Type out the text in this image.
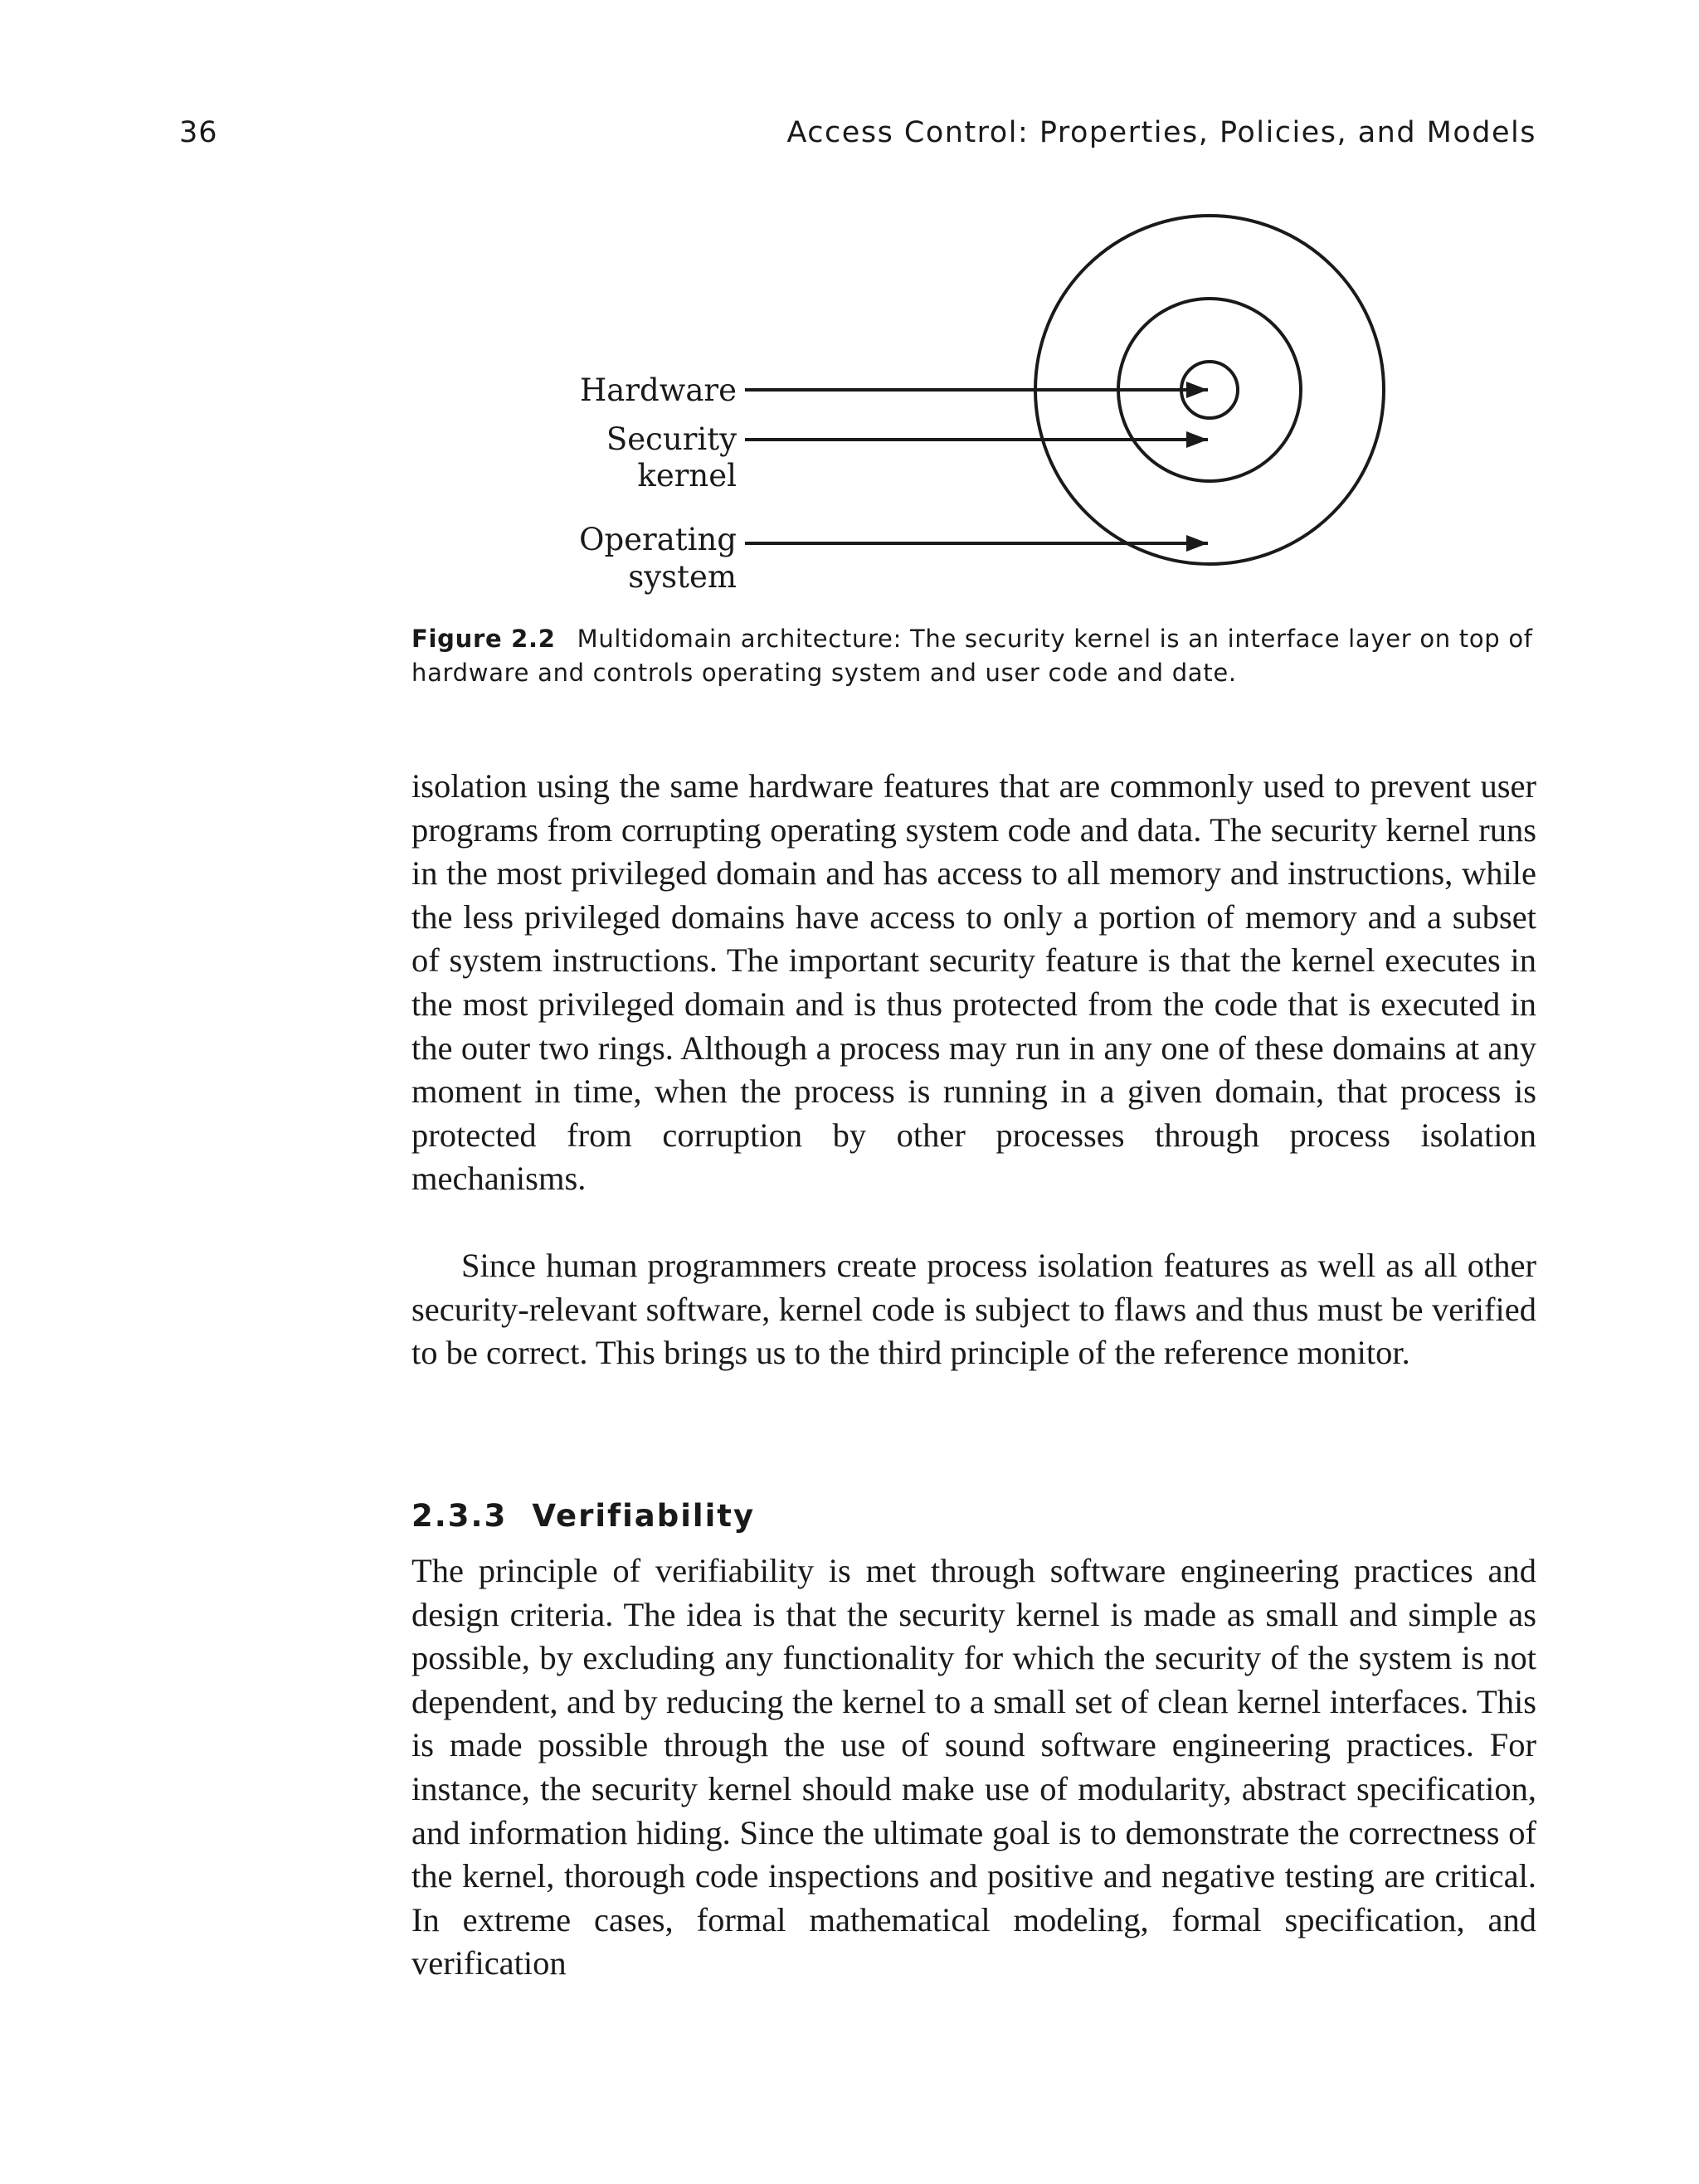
36	Access Control: Properties, Policies, and Models
Hardware
Security
kernel
Operating
system
Figure 2.2 Multidomain architecture: The security kernel is an interface layer on top of hardware and controls operating system and user code and date.

isolation using the same hardware features that are commonly used to prevent user programs from corrupting operating system code and data. The security kernel runs in the most privileged domain and has access to all memory and instructions, while the less privileged domains have access to only a portion of memory and a subset of system instructions. The important security feature is that the kernel executes in the most privileged domain and is thus protected from the code that is executed in the outer two rings. Although a process may run in any one of these domains at any moment in time, when the process is running in a given domain, that process is protected from corruption by other processes through process isolation mechanisms.

Since human programmers create process isolation features as well as all other security-relevant software, kernel code is subject to flaws and thus must be verified to be correct. This brings us to the third principle of the reference monitor.

2.3.3 Verifiability

The principle of verifiability is met through software engineering practices and design criteria. The idea is that the security kernel is made as small and simple as possible, by excluding any functionality for which the security of the system is not dependent, and by reducing the kernel to a small set of clean kernel interfaces. This is made possible through the use of sound software engineering practices. For instance, the security kernel should make use of modularity, abstract specification, and information hiding. Since the ultimate goal is to demonstrate the correctness of the kernel, thorough code inspections and positive and negative testing are critical. In extreme cases, formal mathematical modeling, formal specification, and verification
